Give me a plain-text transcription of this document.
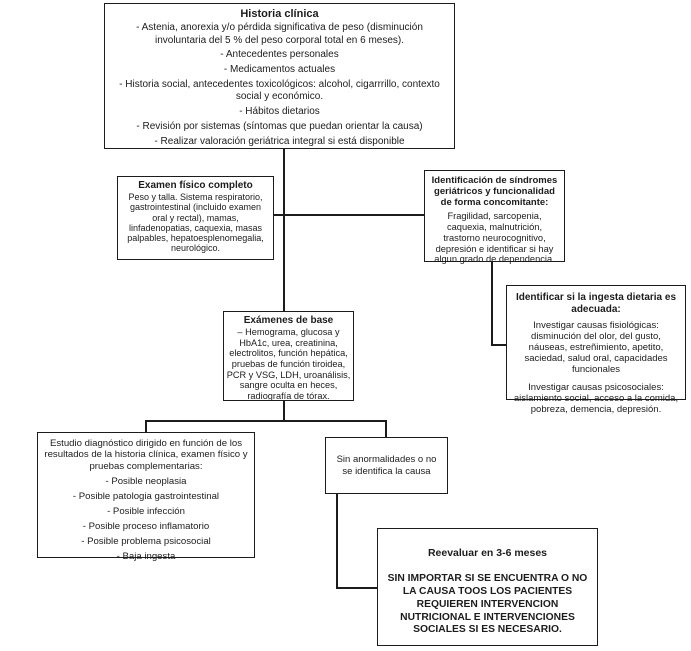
Historia clínica
- Astenia, anorexia y/o pérdida significativa de peso (disminución involuntaria del 5 % del peso corporal total en 6 meses).
- Antecedentes personales
- Medicamentos actuales
- Historia social, antecedentes toxicológicos: alcohol, cigarrrillo, contexto social y económico.
- Hábitos dietarios
- Revisión por sistemas (síntomas que puedan orientar la causa)
- Realizar valoración geriátrica integral si está disponible
Examen físico completo
Peso y talla. Sistema respiratorio, gastrointestinal (incluido examen oral y rectal), mamas, linfadenopatias, caquexia, masas palpables, hepatoesplenomegalia, neurológico.
Identificación de síndromes geriátricos y funcionalidad de forma concomitante:
Fragilidad, sarcopenia, caquexia, malnutrición, trastorno neurocognitivo, depresión e identificar si hay algun grado de dependencia.
Identificar si la ingesta dietaria es adecuada:
Investigar causas fisiológicas: disminución del olor, del gusto, náuseas, estreñimiento, apetito, saciedad, salud oral, capacidades funcionales
Investigar causas psicosociales: aislamiento social, acceso a la comida, pobreza, demencia, depresión.
Exámenes de base
– Hemograma, glucosa y HbA1c, urea, creatinina, electrolitos, función hepática, pruebas de función tiroidea, PCR y VSG, LDH, uroanálisis, sangre oculta en heces, radiografía de tórax.
Estudio diagnóstico dirigido en función de los resultados de la historia clínica, examen físico y pruebas complementarias:
- Posible neoplasia
- Posible patologia gastrointestinal
- Posible infección
- Posible proceso inflamatorio
- Posible problema psicosocial
- Baja ingesta
Sin anormalidades o no se identifica la causa
Reevaluar en 3-6 meses
SIN IMPORTAR SI SE ENCUENTRA O NO LA CAUSA TOOS LOS PACIENTES REQUIEREN INTERVENCION NUTRICIONAL E INTERVENCIONES SOCIALES SI ES NECESARIO.
